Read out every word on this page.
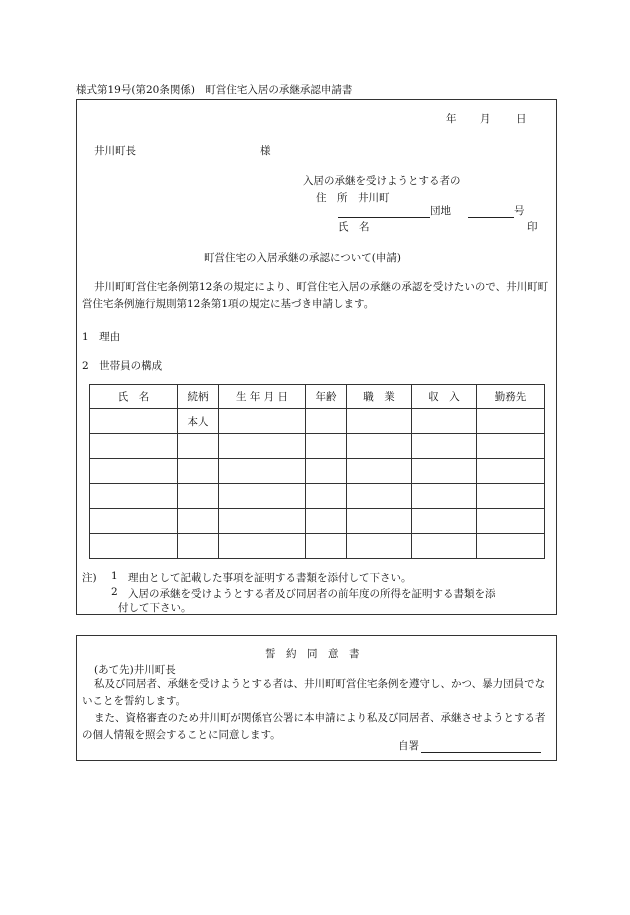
様式第19号(第20条関係)　町営住宅入居の承継承認申請書
年 月 日
井川町長	様
入居の承継を受けようとする者の
住　所　井川町
団地	号
氏　名	印
町営住宅の入居承継の承認について(申請)
井川町町営住宅条例第12条の規定により、町営住宅入居の承継の承認を受けたいので、井川町町営住宅条例施行規則第12条第1項の規定に基づき申請します。
1　理由
2　世帯員の構成
氏　名	続柄	生 年 月 日	年齢	職　業	収　入	勤務先
	本人					

注) 1 理由として記載した事項を証明する書類を添付して下さい。
2 入居の承継を受けようとする者及び同居者の前年度の所得を証明する書類を添
付して下さい。
誓　約　同　意　書
(あて先)井川町長
私及び同居者、承継を受けようとする者は、井川町町営住宅条例を遵守し、かつ、暴力団員でないことを誓約します。
また、資格審査のため井川町が関係官公署に本申請により私及び同居者、承継させようとする者の個人情報を照会することに同意します。
自署
